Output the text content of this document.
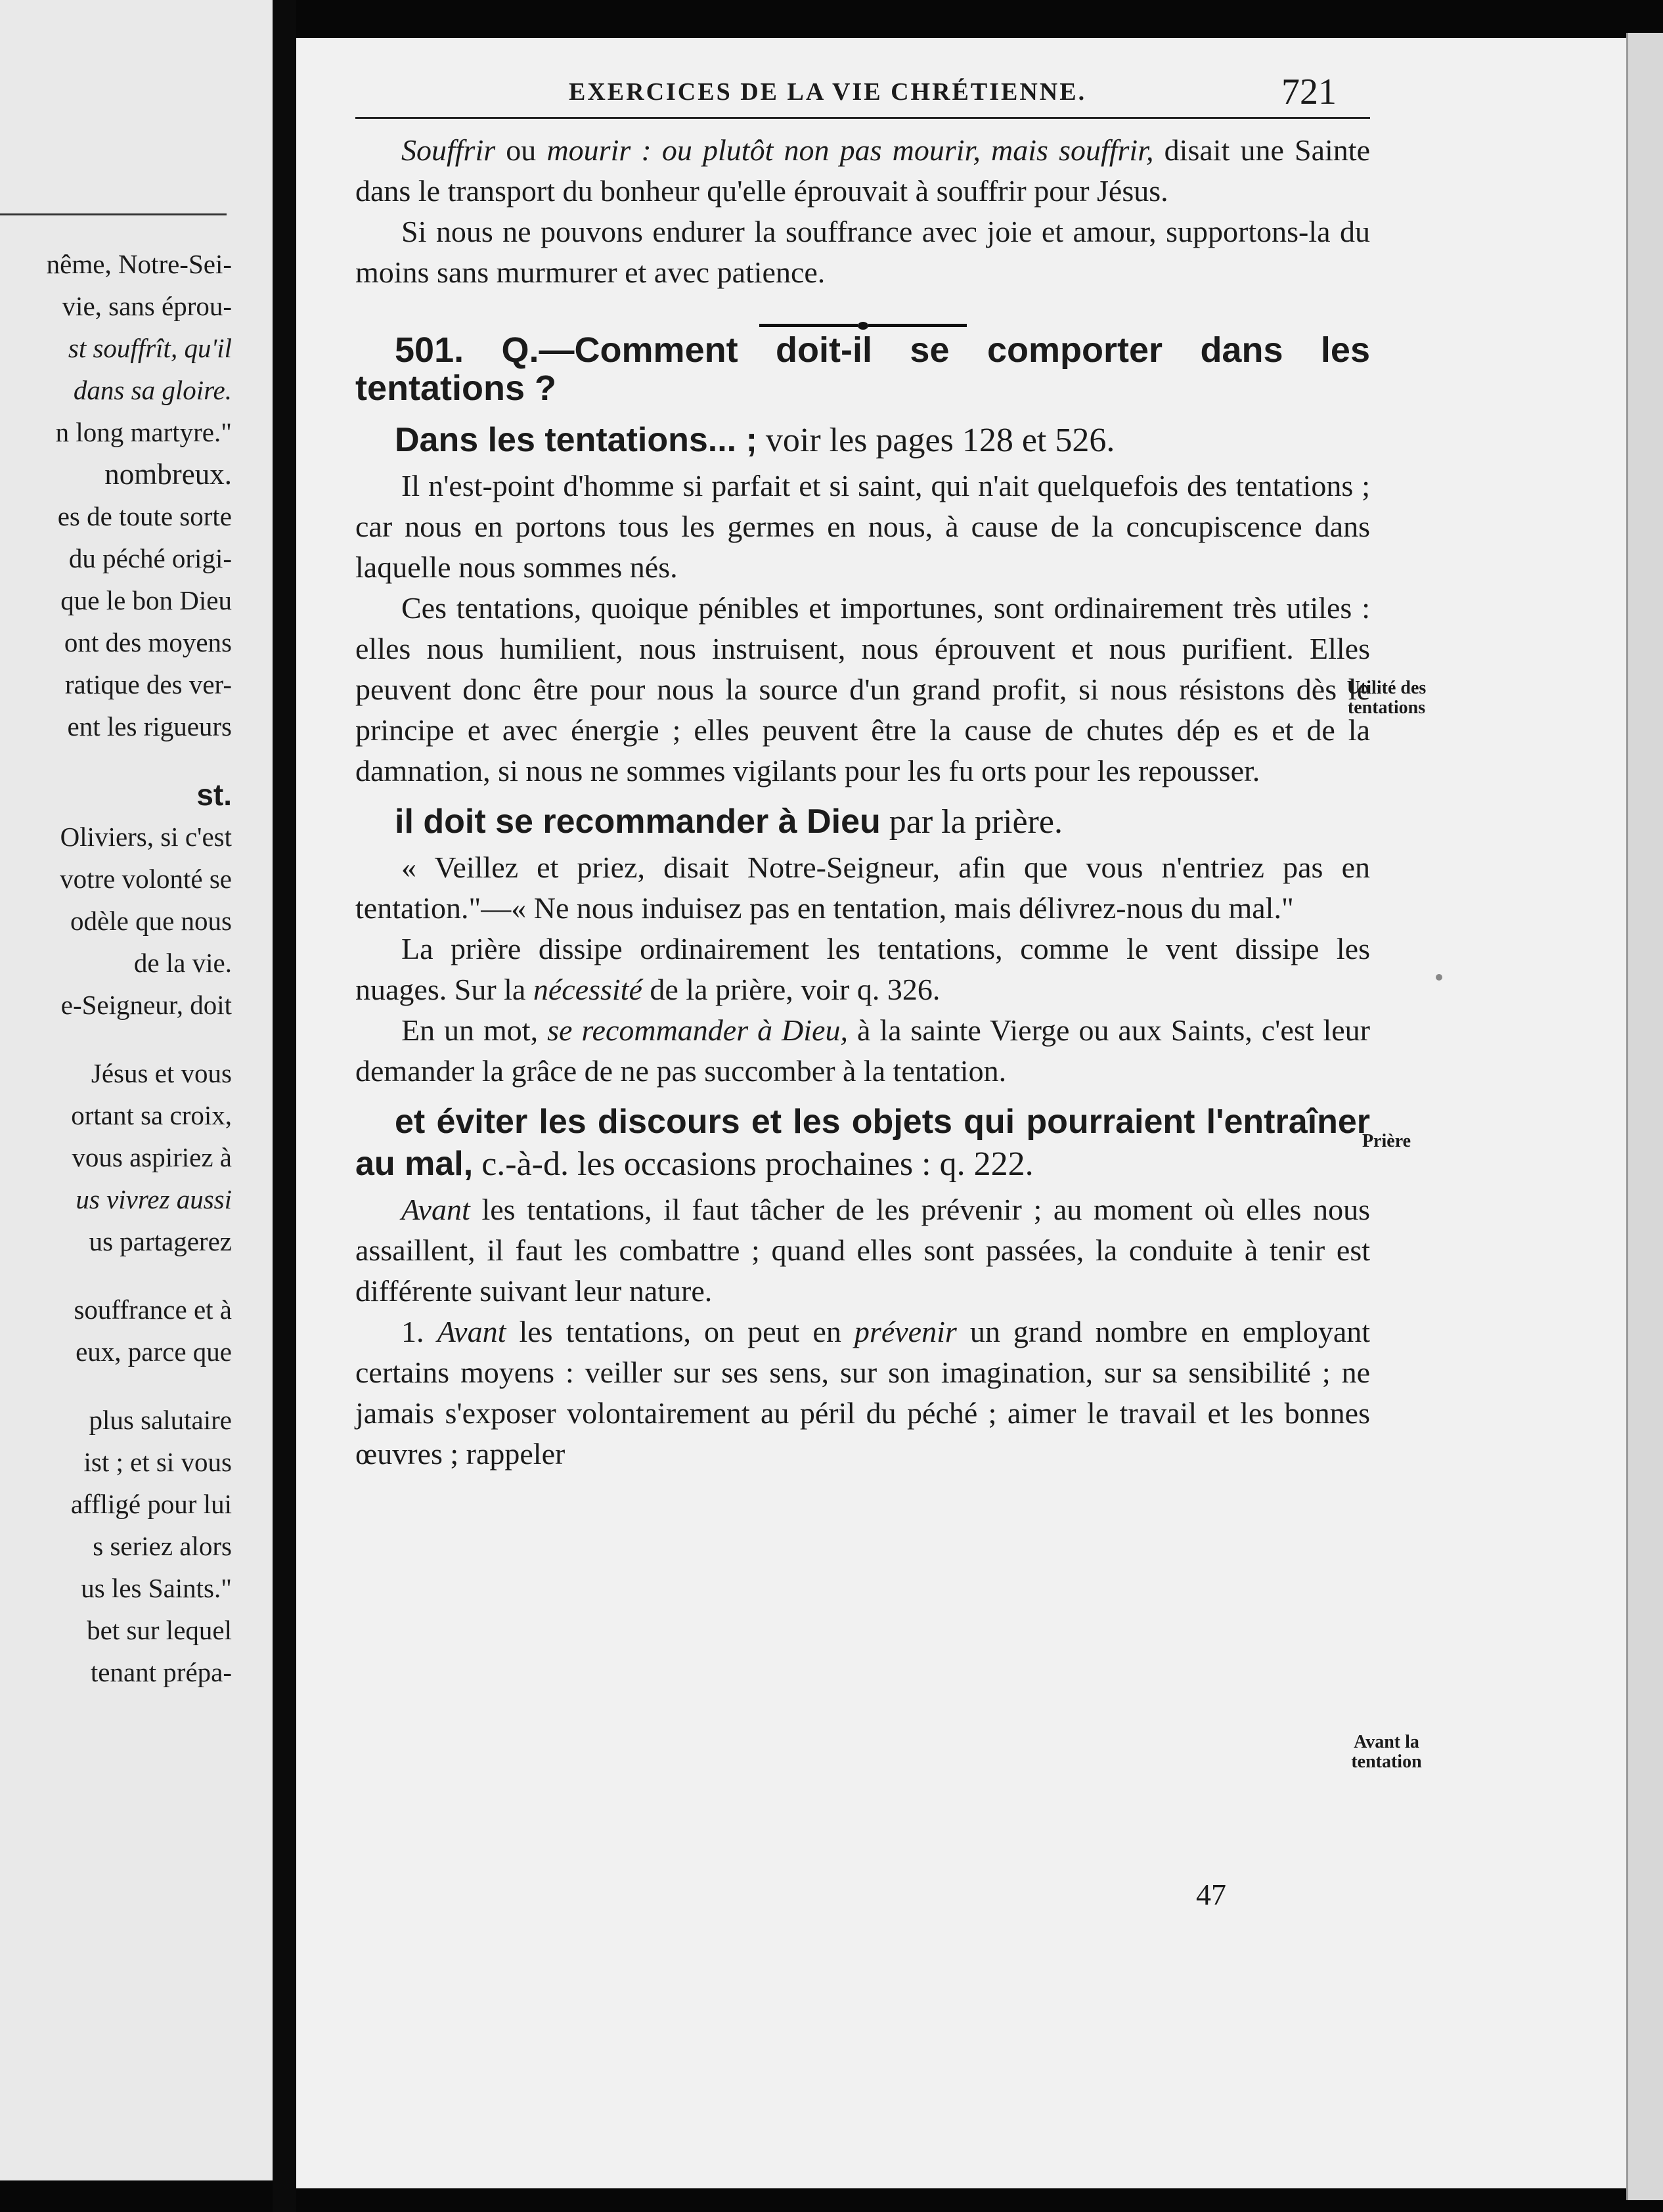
nême, Notre-Sei-
vie, sans éprou-
st souffrît, qu'il
dans sa gloire.
n long martyre."
nombreux.
es de toute sorte
du péché origi-
que le bon Dieu
ont des moyens
ratique des ver-
ent les rigueurs
st.
Oliviers, si c'est
votre volonté se
odèle que nous
de la vie.
e-Seigneur, doit
Jésus et vous
ortant sa croix,
vous aspiriez à
us vivrez aussi
us partagerez
souffrance et à
eux, parce que
plus salutaire
ist ; et si vous
affligé pour lui
s seriez alors
us les Saints."
bet sur lequel
tenant prépa-
EXERCICES DE LA VIE CHRÉTIENNE.	721

Souffrir ou mourir : ou plutôt non pas mourir, mais souffrir, disait une Sainte dans le transport du bonheur qu'elle éprouvait à souffrir pour Jésus.

Si nous ne pouvons endurer la souffrance avec joie et amour, supportons-la du moins sans murmurer et avec patience.

501. Q.—Comment doit-il se comporter dans les tentations ?
Dans les tentations... ; voir les pages 128 et 526.

Il n'est-point d'homme si parfait et si saint, qui n'ait quelquefois des tentations ; car nous en portons tous les germes en nous, à cause de la concupiscence dans laquelle nous sommes nés.

Ces tentations, quoique pénibles et importunes, sont ordinairement très utiles : elles nous humilient, nous instruisent, nous éprouvent et nous purifient. Elles peuvent donc être pour nous la source d'un grand profit, si nous résistons dès le principe et avec énergie ; elles peuvent être la cause de chutes dép es et de la damnation, si nous ne sommes vigilants pour les fu orts pour les repousser.

il doit se recommander à Dieu par la prière.

« Veillez et priez, disait Notre-Seigneur, afin que vous n'entriez pas en tentation."—« Ne nous induisez pas en tentation, mais délivrez-nous du mal."

La prière dissipe ordinairement les tentations, comme le vent dissipe les nuages. Sur la nécessité de la prière, voir q. 326.

En un mot, se recommander à Dieu, à la sainte Vierge ou aux Saints, c'est leur demander la grâce de ne pas succomber à la tentation.

et éviter les discours et les objets qui pourraient l'entraîner au mal, c.-à-d. les occasions prochaines : q. 222.

Avant les tentations, il faut tâcher de les prévenir ; au moment où elles nous assaillent, il faut les combattre ; quand elles sont passées, la conduite à tenir est différente suivant leur nature.

1. Avant les tentations, on peut en prévenir un grand nombre en employant certains moyens : veiller sur ses sens, sur son imagination, sur sa sensibilité ; ne jamais s'exposer volontairement au péril du péché ; aimer le travail et les bonnes œuvres ; rappeler

Utilité des tentations
Prière
Avant la tentation
47
